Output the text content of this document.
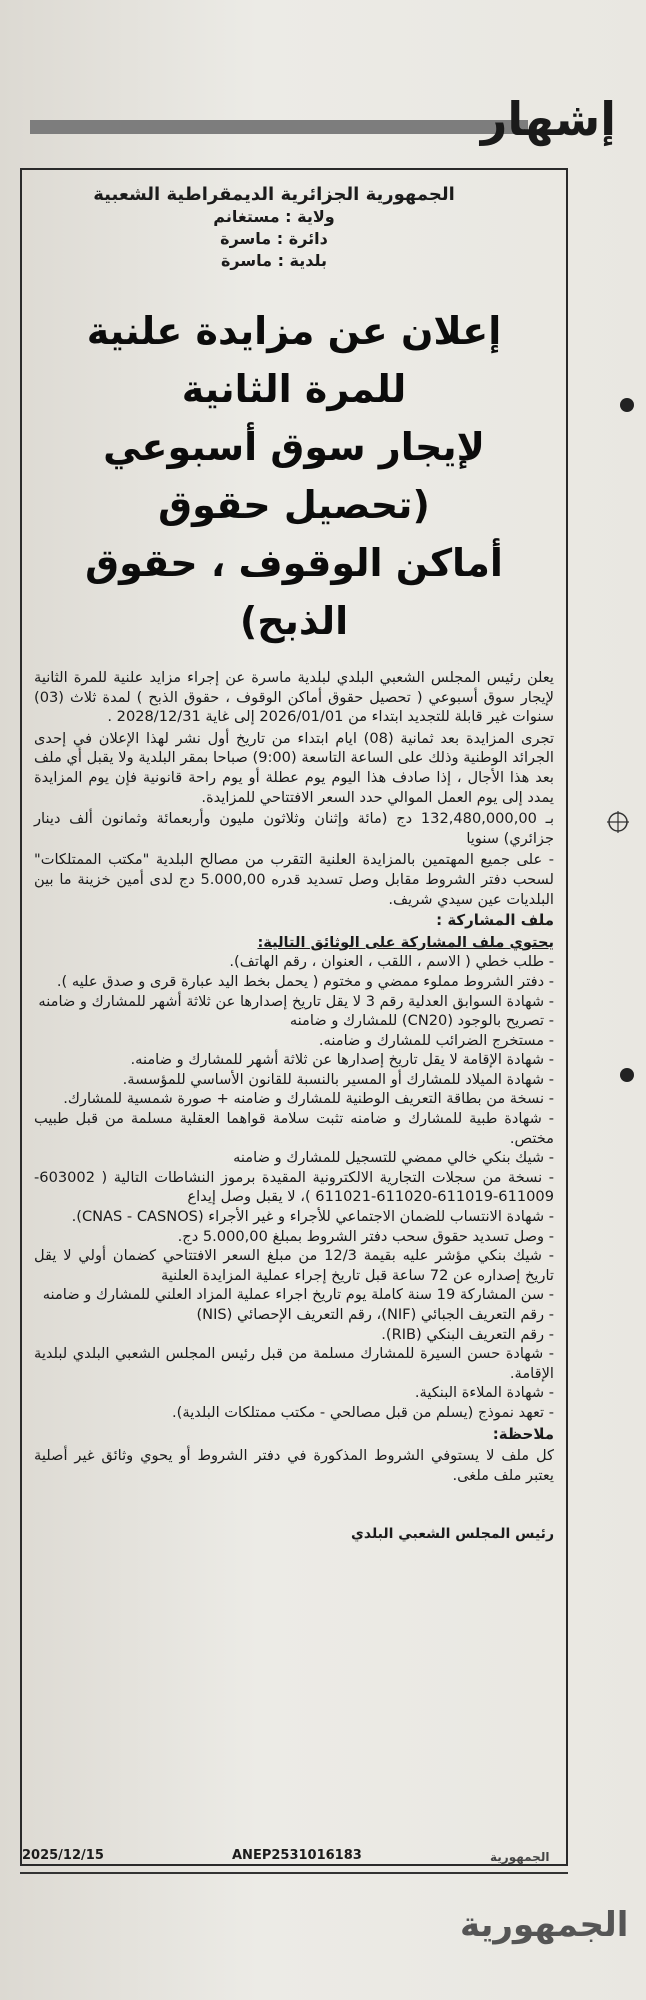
إشهار
الجمهورية الجزائرية الديمقراطية الشعبية
ولاية : مستغانم
دائرة : ماسرة
بلدية : ماسرة
إعلان عن مزايدة علنية للمرة الثانية
لإيجار سوق أسبوعي (تحصيل حقوق
أماكن الوقوف ، حقوق الذبح)

يعلن رئيس المجلس الشعبي البلدي لبلدية ماسرة عن إجراء مزايد علنية للمرة الثانية لإيجار سوق أسبوعي ( تحصيل حقوق أماكن الوقوف ، حقوق الذبح ) لمدة ثلاث (03) سنوات غير قابلة للتجديد ابتداء من 2026/01/01 إلى غاية 2028/12/31 .

تجرى المزايدة بعد ثمانية (08) ايام ابتداء من تاريخ أول نشر لهذا الإعلان في إحدى الجرائد الوطنية وذلك على الساعة التاسعة (9:00) صباحا بمقر البلدية ولا يقبل أي ملف بعد هذا الأجال ، إذا صادف هذا اليوم يوم عطلة أو يوم راحة قانونية فإن يوم المزايدة يمدد إلى يوم العمل الموالي حدد السعر الافتتاحي للمزايدة.

بـ 132,480,000,00 دج (مائة وإثنان وثلاثون مليون وأربعمائة وثمانون ألف دينار جزائري) سنويا

- على جميع المهتمين بالمزايدة العلنية التقرب من مصالح البلدية "مكتب الممتلكات" لسحب دفتر الشروط مقابل وصل تسديد قدره 5.000,00 دج لدى أمين خزينة ما بين البلديات عين سيدي شريف.

ملف المشاركة :
يحتوي ملف المشاركة على الوثائق التالية:
- طلب خطي ( الاسم ، اللقب ، العنوان ، رقم الهاتف).
- دفتر الشروط مملوء ممضي و مختوم ( يحمل بخط اليد عبارة قرى و صدق عليه ).
- شهادة السوابق العدلية رقم 3 لا يقل تاريخ إصدارها عن ثلاثة أشهر للمشارك و ضامنه
- تصريح بالوجود (CN20) للمشارك و ضامنه
- مستخرج الضرائب للمشارك و ضامنه.
- شهادة الإقامة لا يقل تاريخ إصدارها عن ثلاثة أشهر للمشارك و ضامنه.
- شهادة الميلاد للمشارك أو المسير بالنسبة للقانون الأساسي للمؤسسة.
- نسخة من بطاقة التعريف الوطنية للمشارك و ضامنه + صورة شمسية للمشارك.
- شهادة طبية للمشارك و ضامنه تثبت سلامة قواهما العقلية مسلمة من قبل طبيب مختص.
- شيك بنكي خالي ممضي للتسجيل للمشارك و ضامنه
- نسخة من سجلات التجارية الالكترونية المقيدة برموز النشاطات التالية ( 603002-611009-611019-611020-611021 )، لا يقبل وصل إيداع
- شهادة الانتساب للضمان الاجتماعي للأجراء و غير الأجراء (CNAS - CASNOS).
- وصل تسديد حقوق سحب دفتر الشروط بمبلغ 5.000,00 دج.
- شيك بنكي مؤشر عليه بقيمة 12/3 من مبلغ السعر الافتتاحي كضمان أولي لا يقل تاريخ إصداره عن 72 ساعة قبل تاريخ إجراء عملية المزايدة العلنية
- سن المشاركة 19 سنة كاملة يوم تاريخ اجراء عملية المزاد العلني للمشارك و ضامنه
- رقم التعريف الجبائي (NIF)، رقم التعريف الإحصائي (NIS)
- رقم التعريف البنكي (RIB).
- شهادة حسن السيرة للمشارك مسلمة من قبل رئيس المجلس الشعبي البلدي لبلدية الإقامة.
- شهادة الملاءة البنكية.
- تعهد نموذج (يسلم من قبل مصالحي - مكتب ممتلكات البلدية).
ملاحظة:

كل ملف لا يستوفي الشروط المذكورة في دفتر الشروط أو يحوي وثائق غير أصلية يعتبر ملف ملغى.

رئيس المجلس الشعبي البلدي
2025/12/15	ANEP2531016183	الجمهورية
الجمهورية
